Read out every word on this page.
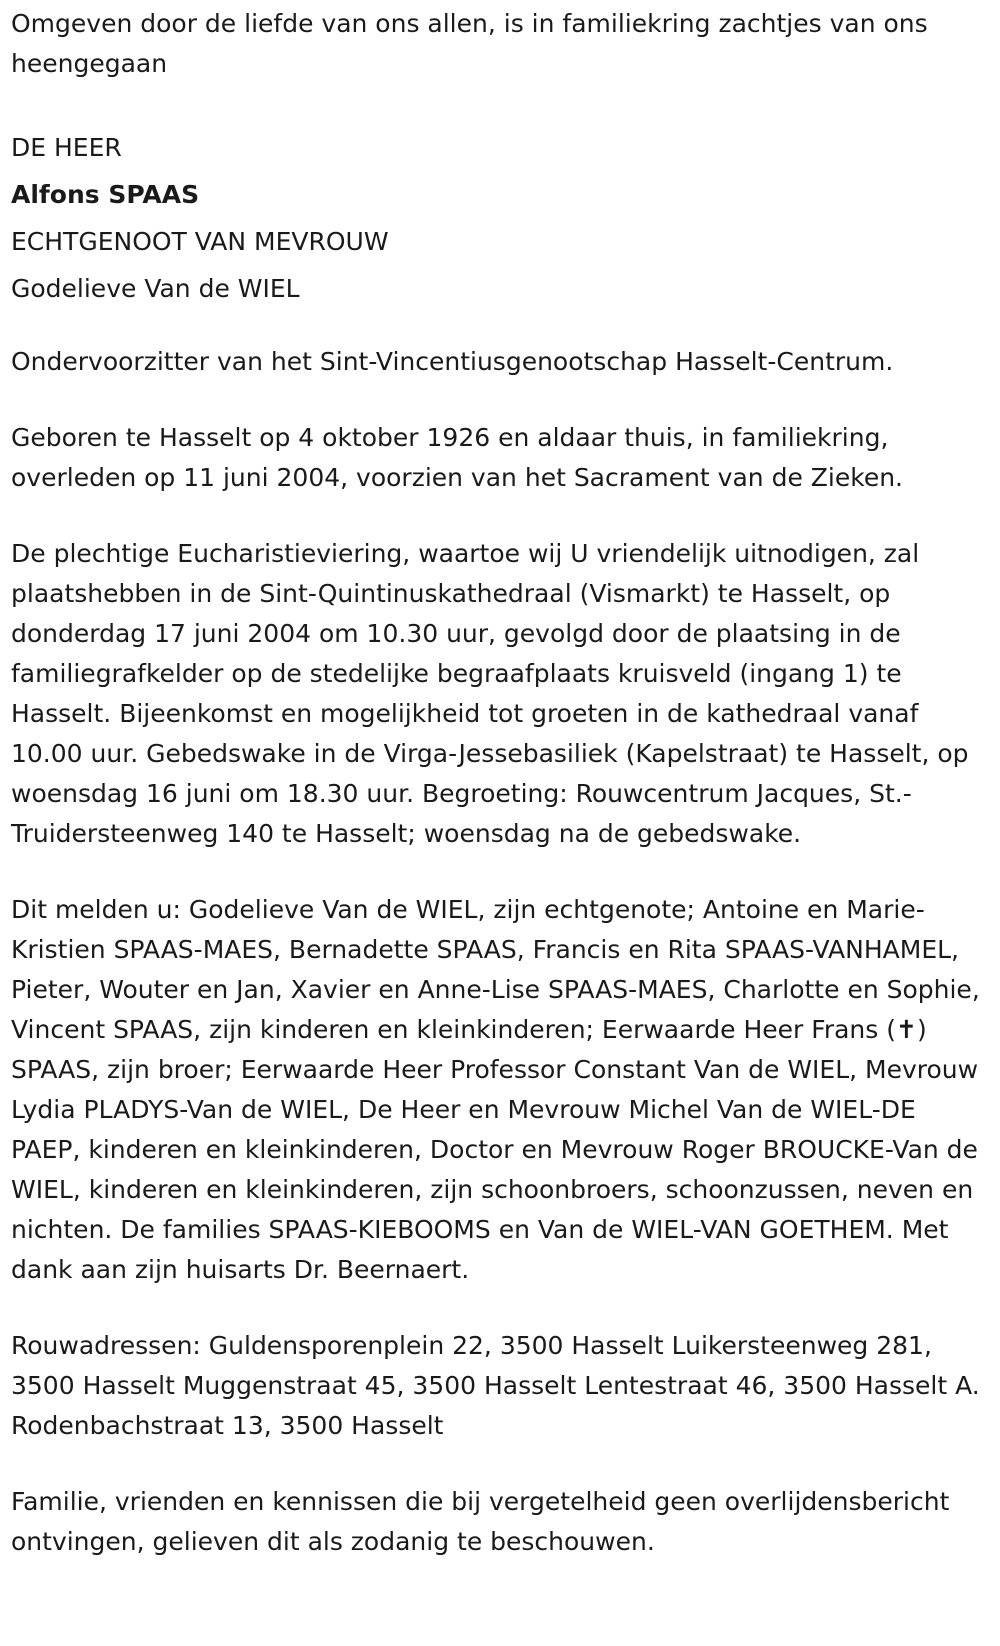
Omgeven door de liefde van ons allen, is in familiekring zachtjes van ons heengegaan

DE HEER
Alfons SPAAS
ECHTGENOOT VAN MEVROUW
Godelieve Van de WIEL

Ondervoorzitter van het Sint-Vincentiusgenootschap Hasselt-Centrum.

Geboren te Hasselt op 4 oktober 1926 en aldaar thuis, in familiekring, overleden op 11 juni 2004, voorzien van het Sacrament van de Zieken.

De plechtige Eucharistieviering, waartoe wij U vriendelijk uitnodigen, zal plaatshebben in de Sint-Quintinuskathedraal (Vismarkt) te Hasselt, op donderdag 17 juni 2004 om 10.30 uur, gevolgd door de plaatsing in de familiegrafkelder op de stedelijke begraafplaats kruisveld (ingang 1) te Hasselt. Bijeenkomst en mogelijkheid tot groeten in de kathedraal vanaf 10.00 uur. Gebedswake in de Virga-Jessebasiliek (Kapelstraat) te Hasselt, op woensdag 16 juni om 18.30 uur. Begroeting: Rouwcentrum Jacques, St.-Truidersteenweg 140 te Hasselt; woensdag na de gebedswake.

Dit melden u: Godelieve Van de WIEL, zijn echtgenote; Antoine en Marie-Kristien SPAAS-MAES, Bernadette SPAAS, Francis en Rita SPAAS-VANHAMEL, Pieter, Wouter en Jan, Xavier en Anne-Lise SPAAS-MAES, Charlotte en Sophie, Vincent SPAAS, zijn kinderen en kleinkinderen; Eerwaarde Heer Frans (✝) SPAAS, zijn broer; Eerwaarde Heer Professor Constant Van de WIEL, Mevrouw Lydia PLADYS-Van de WIEL, De Heer en Mevrouw Michel Van de WIEL-DE PAEP, kinderen en kleinkinderen, Doctor en Mevrouw Roger BROUCKE-Van de WIEL, kinderen en kleinkinderen, zijn schoonbroers, schoonzussen, neven en nichten. De families SPAAS-KIEBOOMS en Van de WIEL-VAN GOETHEM. Met dank aan zijn huisarts Dr. Beernaert.

Rouwadressen: Guldensporenplein 22, 3500 Hasselt Luikersteenweg 281, 3500 Hasselt Muggenstraat 45, 3500 Hasselt Lentestraat 46, 3500 Hasselt A. Rodenbachstraat 13, 3500 Hasselt

Familie, vrienden en kennissen die bij vergetelheid geen overlijdensbericht ontvingen, gelieven dit als zodanig te beschouwen.
